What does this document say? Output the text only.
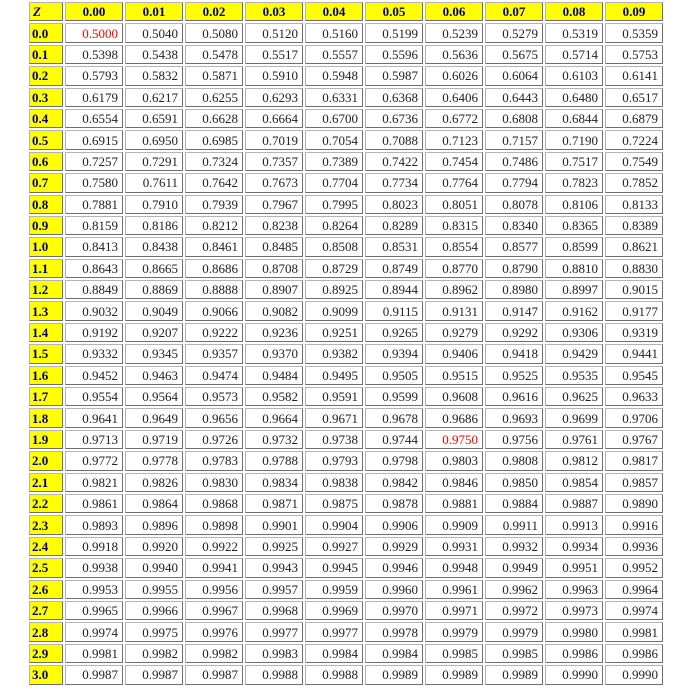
Z	0.00	0.01	0.02	0.03	0.04	0.05	0.06	0.07	0.08	0.09
0.0	0.5000	0.5040	0.5080	0.5120	0.5160	0.5199	0.5239	0.5279	0.5319	0.5359
0.1	0.5398	0.5438	0.5478	0.5517	0.5557	0.5596	0.5636	0.5675	0.5714	0.5753
0.2	0.5793	0.5832	0.5871	0.5910	0.5948	0.5987	0.6026	0.6064	0.6103	0.6141
0.3	0.6179	0.6217	0.6255	0.6293	0.6331	0.6368	0.6406	0.6443	0.6480	0.6517
0.4	0.6554	0.6591	0.6628	0.6664	0.6700	0.6736	0.6772	0.6808	0.6844	0.6879
0.5	0.6915	0.6950	0.6985	0.7019	0.7054	0.7088	0.7123	0.7157	0.7190	0.7224
0.6	0.7257	0.7291	0.7324	0.7357	0.7389	0.7422	0.7454	0.7486	0.7517	0.7549
0.7	0.7580	0.7611	0.7642	0.7673	0.7704	0.7734	0.7764	0.7794	0.7823	0.7852
0.8	0.7881	0.7910	0.7939	0.7967	0.7995	0.8023	0.8051	0.8078	0.8106	0.8133
0.9	0.8159	0.8186	0.8212	0.8238	0.8264	0.8289	0.8315	0.8340	0.8365	0.8389
1.0	0.8413	0.8438	0.8461	0.8485	0.8508	0.8531	0.8554	0.8577	0.8599	0.8621
1.1	0.8643	0.8665	0.8686	0.8708	0.8729	0.8749	0.8770	0.8790	0.8810	0.8830
1.2	0.8849	0.8869	0.8888	0.8907	0.8925	0.8944	0.8962	0.8980	0.8997	0.9015
1.3	0.9032	0.9049	0.9066	0.9082	0.9099	0.9115	0.9131	0.9147	0.9162	0.9177
1.4	0.9192	0.9207	0.9222	0.9236	0.9251	0.9265	0.9279	0.9292	0.9306	0.9319
1.5	0.9332	0.9345	0.9357	0.9370	0.9382	0.9394	0.9406	0.9418	0.9429	0.9441
1.6	0.9452	0.9463	0.9474	0.9484	0.9495	0.9505	0.9515	0.9525	0.9535	0.9545
1.7	0.9554	0.9564	0.9573	0.9582	0.9591	0.9599	0.9608	0.9616	0.9625	0.9633
1.8	0.9641	0.9649	0.9656	0.9664	0.9671	0.9678	0.9686	0.9693	0.9699	0.9706
1.9	0.9713	0.9719	0.9726	0.9732	0.9738	0.9744	0.9750	0.9756	0.9761	0.9767
2.0	0.9772	0.9778	0.9783	0.9788	0.9793	0.9798	0.9803	0.9808	0.9812	0.9817
2.1	0.9821	0.9826	0.9830	0.9834	0.9838	0.9842	0.9846	0.9850	0.9854	0.9857
2.2	0.9861	0.9864	0.9868	0.9871	0.9875	0.9878	0.9881	0.9884	0.9887	0.9890
2.3	0.9893	0.9896	0.9898	0.9901	0.9904	0.9906	0.9909	0.9911	0.9913	0.9916
2.4	0.9918	0.9920	0.9922	0.9925	0.9927	0.9929	0.9931	0.9932	0.9934	0.9936
2.5	0.9938	0.9940	0.9941	0.9943	0.9945	0.9946	0.9948	0.9949	0.9951	0.9952
2.6	0.9953	0.9955	0.9956	0.9957	0.9959	0.9960	0.9961	0.9962	0.9963	0.9964
2.7	0.9965	0.9966	0.9967	0.9968	0.9969	0.9970	0.9971	0.9972	0.9973	0.9974
2.8	0.9974	0.9975	0.9976	0.9977	0.9977	0.9978	0.9979	0.9979	0.9980	0.9981
2.9	0.9981	0.9982	0.9982	0.9983	0.9984	0.9984	0.9985	0.9985	0.9986	0.9986
3.0	0.9987	0.9987	0.9987	0.9988	0.9988	0.9989	0.9989	0.9989	0.9990	0.9990
